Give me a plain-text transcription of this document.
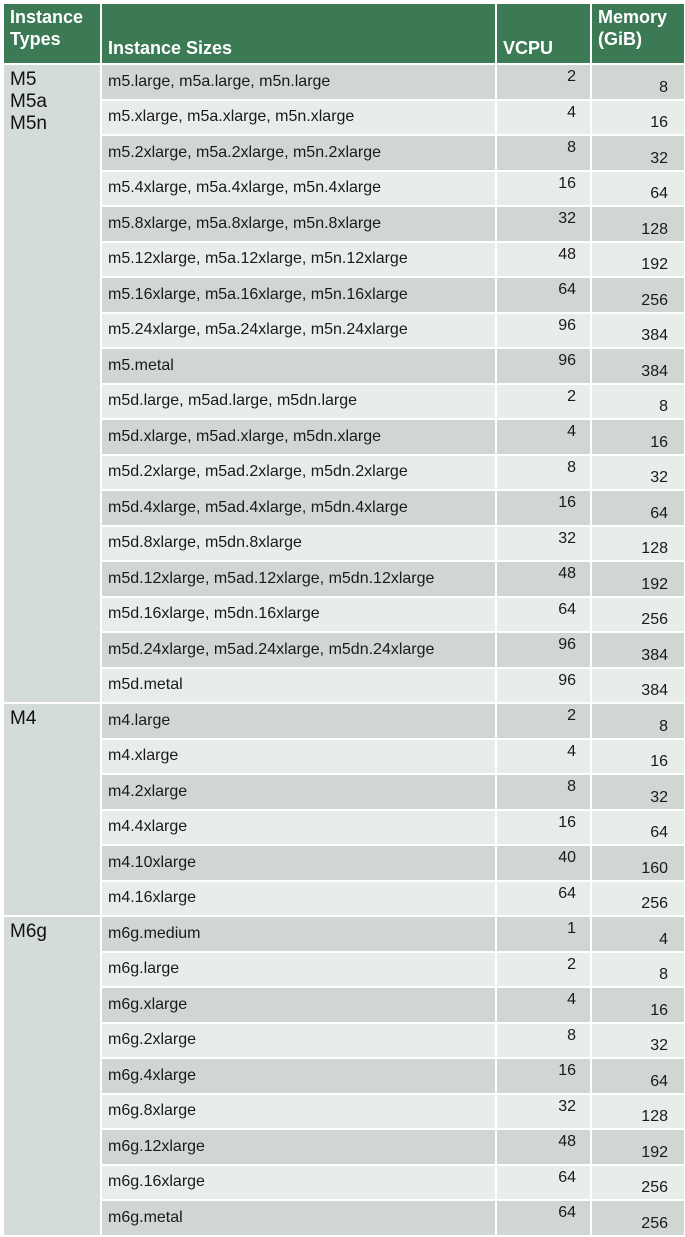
Instance Types	Instance Sizes	VCPU	Memory (GiB)

M5
M5a
M5n	m5.large, m5a.large, m5n.large	2	8
	m5.xlarge, m5a.xlarge, m5n.xlarge	4	16
	m5.2xlarge, m5a.2xlarge, m5n.2xlarge	8	32
	m5.4xlarge, m5a.4xlarge, m5n.4xlarge	16	64
	m5.8xlarge, m5a.8xlarge, m5n.8xlarge	32	128
	m5.12xlarge, m5a.12xlarge, m5n.12xlarge	48	192
	m5.16xlarge, m5a.16xlarge, m5n.16xlarge	64	256
	m5.24xlarge, m5a.24xlarge, m5n.24xlarge	96	384
	m5.metal	96	384
	m5d.large, m5ad.large, m5dn.large	2	8
	m5d.xlarge, m5ad.xlarge, m5dn.xlarge	4	16
	m5d.2xlarge, m5ad.2xlarge, m5dn.2xlarge	8	32
	m5d.4xlarge, m5ad.4xlarge, m5dn.4xlarge	16	64
	m5d.8xlarge, m5dn.8xlarge	32	128
	m5d.12xlarge, m5ad.12xlarge, m5dn.12xlarge	48	192
	m5d.16xlarge, m5dn.16xlarge	64	256
	m5d.24xlarge, m5ad.24xlarge, m5dn.24xlarge	96	384
	m5d.metal	96	384

M4	m4.large	2	8
	m4.xlarge	4	16
	m4.2xlarge	8	32
	m4.4xlarge	16	64
	m4.10xlarge	40	160
	m4.16xlarge	64	256

M6g	m6g.medium	1	4
	m6g.large	2	8
	m6g.xlarge	4	16
	m6g.2xlarge	8	32
	m6g.4xlarge	16	64
	m6g.8xlarge	32	128
	m6g.12xlarge	48	192
	m6g.16xlarge	64	256
	m6g.metal	64	256
